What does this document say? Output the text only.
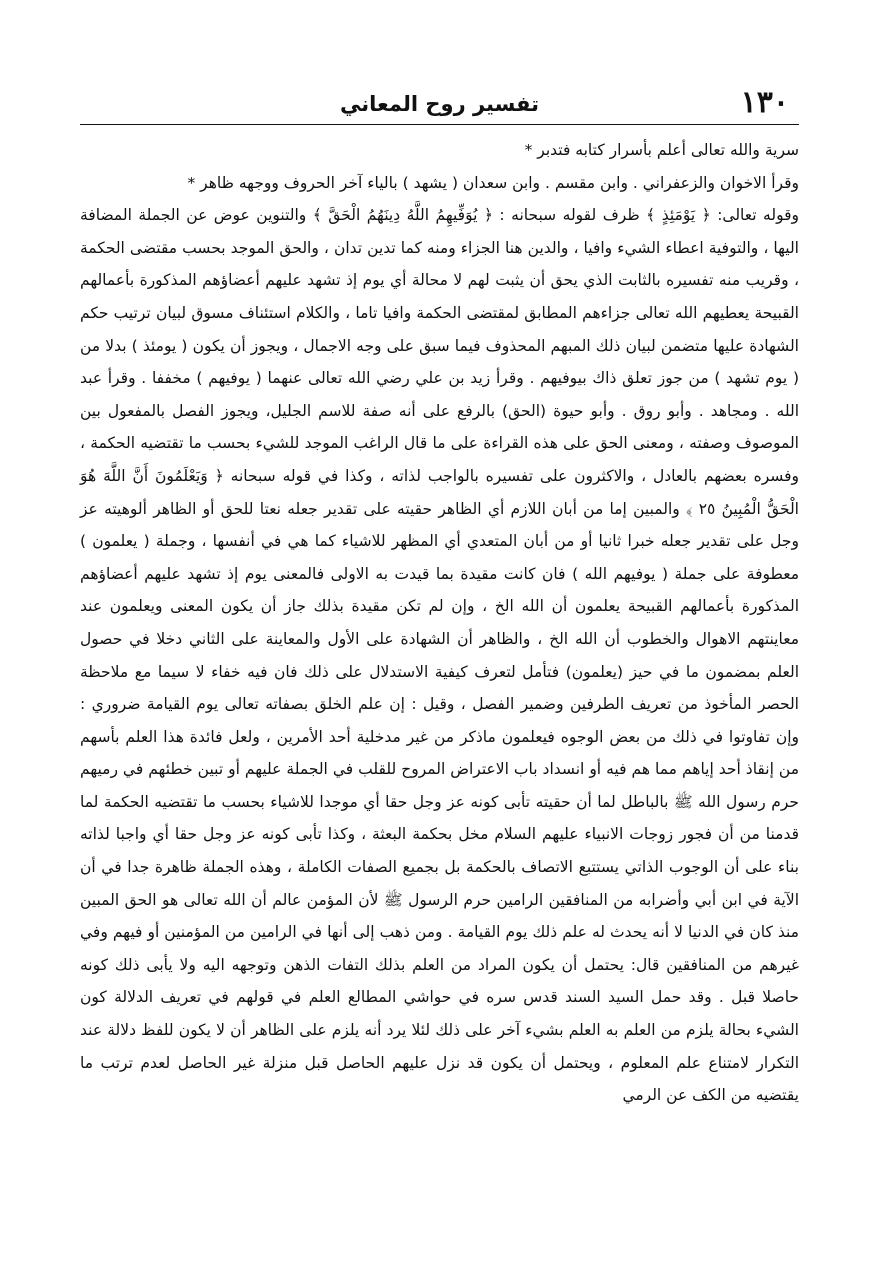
١٣٠
تفسير روح المعاني

سرية والله تعالى أعلم بأسرار كتابه فتدبر *

وقرأ الاخوان والزعفراني . وابن مقسم . وابن سعدان ( يشهد ) بالياء آخر الحروف ووجهه ظاهر *

وقوله تعالى: ﴿ يَوْمَئِذٍ ﴾ ظرف لقوله سبحانه : ﴿ يُوَفِّيهِمُ اللَّهُ دِينَهُمُ الْحَقَّ ﴾ والتنوين عوض عن الجملة المضافة اليها ، والتوفية اعطاء الشيء وافيا ، والدين هنا الجزاء ومنه كما تدين تدان ، والحق الموجد بحسب مقتضى الحكمة ، وقريب منه تفسيره بالثابت الذي يحق أن يثبت لهم لا محالة أي يوم إذ تشهد عليهم أعضاؤهم المذكورة بأعمالهم القبيحة يعطيهم الله تعالى جزاءهم المطابق لمقتضى الحكمة وافيا تاما ، والكلام استئناف مسوق لبيان ترتيب حكم الشهادة عليها متضمن لبيان ذلك المبهم المحذوف فيما سبق على وجه الاجمال ، ويجوز أن يكون ( يومئذ ) بدلا من ( يوم تشهد ) من جوز تعلق ذاك بيوفيهم . وقرأ زيد بن علي رضي الله تعالى عنهما ( يوفيهم ) مخففا . وقرأ عبد الله . ومجاهد . وأبو روق . وأبو حيوة (الحق) بالرفع على أنه صفة للاسم الجليل، ويجوز الفصل بالمفعول بين الموصوف وصفته ، ومعنى الحق على هذه القراءة على ما قال الراغب الموجد للشيء بحسب ما تقتضيه الحكمة ، وفسره بعضهم بالعادل ، والاكثرون على تفسيره بالواجب لذاته ، وكذا في قوله سبحانه ﴿ وَيَعْلَمُونَ أَنَّ اللَّهَ هُوَ الْحَقُّ الْمُبِينُ ٢٥ ﴾ والمبين إما من أبان اللازم أي الظاهر حقيته على تقدير جعله نعتا للحق أو الظاهر ألوهيته عز وجل على تقدير جعله خبرا ثانيا أو من أبان المتعدي أي المظهر للاشياء كما هي في أنفسها ، وجملة ( يعلمون ) معطوفة على جملة ( يوفيهم الله ) فان كانت مقيدة بما قيدت به الاولى فالمعنى يوم إذ تشهد عليهم أعضاؤهم المذكورة بأعمالهم القبيحة يعلمون أن الله الخ ، وإن لم تكن مقيدة بذلك جاز أن يكون المعنى ويعلمون عند معاينتهم الاهوال والخطوب أن الله الخ ، والظاهر أن الشهادة على الأول والمعاينة على الثاني دخلا في حصول العلم بمضمون ما في حيز (يعلمون) فتأمل لتعرف كيفية الاستدلال على ذلك فان فيه خفاء لا سيما مع ملاحظة الحصر المأخوذ من تعريف الطرفين وضمير الفصل ، وقيل : إن علم الخلق بصفاته تعالى يوم القيامة ضروري : وإن تفاوتوا في ذلك من بعض الوجوه فيعلمون ماذكر من غير مدخلية أحد الأمرين ، ولعل فائدة هذا العلم بأسهم من إنقاذ أحد إياهم مما هم فيه أو انسداد باب الاعتراض المروح للقلب في الجملة عليهم أو تبين خطئهم في رميهم حرم رسول الله ﷺ بالباطل لما أن حقيته تأبى كونه عز وجل حقا أي موجدا للاشياء بحسب ما تقتضيه الحكمة لما قدمنا من أن فجور زوجات الانبياء عليهم السلام مخل بحكمة البعثة ، وكذا تأبى كونه عز وجل حقا أي واجبا لذاته بناء على أن الوجوب الذاتي يستتبع الاتصاف بالحكمة بل بجميع الصفات الكاملة ، وهذه الجملة ظاهرة جدا في أن الآية في ابن أبي وأضرابه من المنافقين الرامين حرم الرسول ﷺ لأن المؤمن عالم أن الله تعالى هو الحق المبين منذ كان في الدنيا لا أنه يحدث له علم ذلك يوم القيامة . ومن ذهب إلى أنها في الرامين من المؤمنين أو فيهم وفي غيرهم من المنافقين قال: يحتمل أن يكون المراد من العلم بذلك التفات الذهن وتوجهه اليه ولا يأبى ذلك كونه حاصلا قبل . وقد حمل السيد السند قدس سره في حواشي المطالع العلم في قولهم في تعريف الدلالة كون الشيء بحالة يلزم من العلم به العلم بشيء آخر على ذلك لئلا يرد أنه يلزم على الظاهر أن لا يكون للفظ دلالة عند التكرار لامتناع علم المعلوم ، ويحتمل أن يكون قد نزل عليهم الحاصل قبل منزلة غير الحاصل لعدم ترتب ما يقتضيه من الكف عن الرمي
